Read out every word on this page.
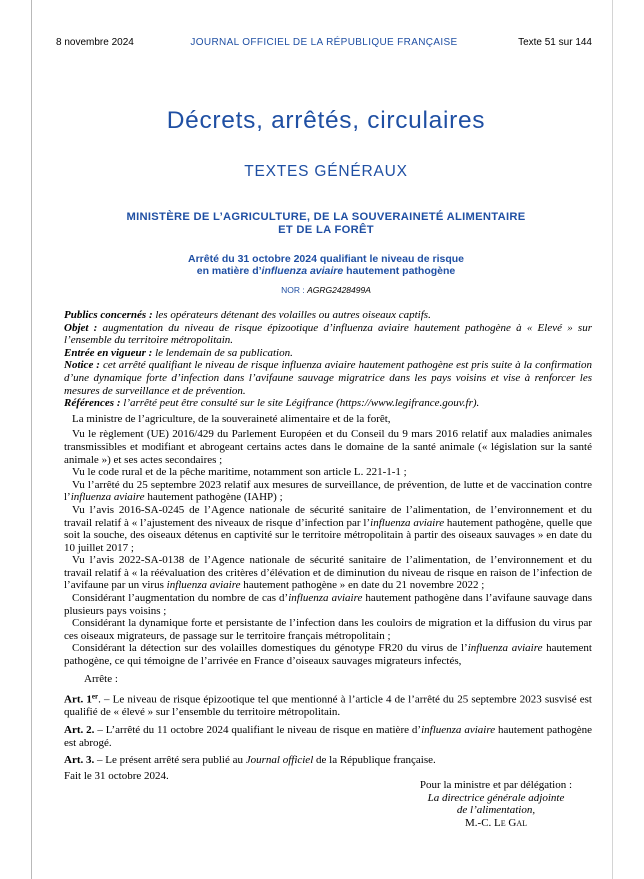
8 novembre 2024	JOURNAL OFFICIEL DE LA RÉPUBLIQUE FRANÇAISE	Texte 51 sur 144
Décrets, arrêtés, circulaires
TEXTES GÉNÉRAUX
MINISTÈRE DE L’AGRICULTURE, DE LA SOUVERAINETÉ ALIMENTAIRE
ET DE LA FORÊT
Arrêté du 31 octobre 2024 qualifiant le niveau de risque
en matière d’influenza aviaire hautement pathogène
NOR : AGRG2428499A

Publics concernés : les opérateurs détenant des volailles ou autres oiseaux captifs.

Objet : augmentation du niveau de risque épizootique d’influenza aviaire hautement pathogène à « Elevé » sur l’ensemble du territoire métropolitain.

Entrée en vigueur : le lendemain de sa publication.

Notice : cet arrêté qualifiant le niveau de risque influenza aviaire hautement pathogène est pris suite à la confirmation d’une dynamique forte d’infection dans l’avifaune sauvage migratrice dans les pays voisins et vise à renforcer les mesures de surveillance et de prévention.

Références : l’arrêté peut être consulté sur le site Légifrance (https://www.legifrance.gouv.fr).

La ministre de l’agriculture, de la souveraineté alimentaire et de la forêt,

Vu le règlement (UE) 2016/429 du Parlement Européen et du Conseil du 9 mars 2016 relatif aux maladies animales transmissibles et modifiant et abrogeant certains actes dans le domaine de la santé animale (« législation sur la santé animale ») et ses actes secondaires ;

Vu le code rural et de la pêche maritime, notamment son article L. 221-1-1 ;

Vu l’arrêté du 25 septembre 2023 relatif aux mesures de surveillance, de prévention, de lutte et de vaccination contre l’influenza aviaire hautement pathogène (IAHP) ;

Vu l’avis 2016-SA-0245 de l’Agence nationale de sécurité sanitaire de l’alimentation, de l’environnement et du travail relatif à « l’ajustement des niveaux de risque d’infection par l’influenza aviaire hautement pathogène, quelle que soit la souche, des oiseaux détenus en captivité sur le territoire métropolitain à partir des oiseaux sauvages » en date du 10 juillet 2017 ;

Vu l’avis 2022-SA-0138 de l’Agence nationale de sécurité sanitaire de l’alimentation, de l’environnement et du travail relatif à « la réévaluation des critères d’élévation et de diminution du niveau de risque en raison de l’infection de l’avifaune par un virus influenza aviaire hautement pathogène » en date du 21 novembre 2022 ;

Considérant l’augmentation du nombre de cas d’influenza aviaire hautement pathogène dans l’avifaune sauvage dans plusieurs pays voisins ;

Considérant la dynamique forte et persistante de l’infection dans les couloirs de migration et la diffusion du virus par ces oiseaux migrateurs, de passage sur le territoire français métropolitain ;

Considérant la détection sur des volailles domestiques du génotype FR20 du virus de l’influenza aviaire hautement pathogène, ce qui témoigne de l’arrivée en France d’oiseaux sauvages migrateurs infectés,

Arrête :

Art. 1er. – Le niveau de risque épizootique tel que mentionné à l’article 4 de l’arrêté du 25 septembre 2023 susvisé est qualifié de « élevé » sur l’ensemble du territoire métropolitain.

Art. 2. – L’arrêté du 11 octobre 2024 qualifiant le niveau de risque en matière d’influenza aviaire hautement pathogène est abrogé.

Art. 3. – Le présent arrêté sera publié au Journal officiel de la République française.

Fait le 31 octobre 2024.

Pour la ministre et par délégation :
La directrice générale adjointe
de l’alimentation,
M.-C. Le Gal
